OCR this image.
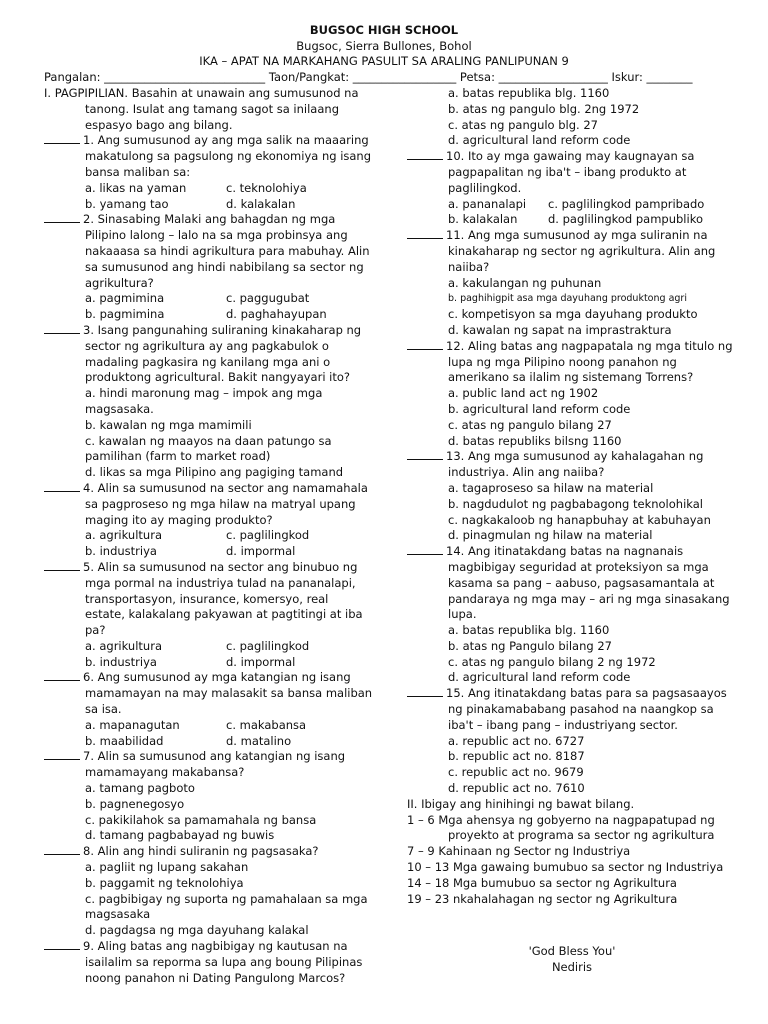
BUGSOC HIGH SCHOOL
Bugsoc, Sierra Bullones, Bohol
IKA – APAT NA MARKAHANG PASULIT SA ARALING PANLIPUNAN 9
Pangalan: ____________________________ Taon/Pangkat: __________________ Petsa: ___________________ Iskur: ________
I. PAGPIPILIAN. Basahin at unawain ang sumusunod na
tanong. Isulat ang tamang sagot sa inilaang
espasyo bago ang bilang.
1. Ang sumusunod ay ang mga salik na maaaring
makatulong sa pagsulong ng ekonomiya ng isang
bansa maliban sa:
a. likas na yaman	c. teknolohiya
b. yamang tao	d. kalakalan
2. Sinasabing Malaki ang bahagdan ng mga
Pilipino lalong – lalo na sa mga probinsya ang
nakaaasa sa hindi agrikultura para mabuhay. Alin
sa sumusunod ang hindi nabibilang sa sector ng
agrikultura?
a. pagmimina	c. paggugubat
b. pagmimina	d. paghahayupan
3. Isang pangunahing suliraning kinakaharap ng
sector ng agrikultura ay ang pagkabulok o
madaling pagkasira ng kanilang mga ani o
produktong agricultural. Bakit nangyayari ito?
a. hindi maronung mag – impok ang mga
magsasaka.
b. kawalan ng mga mamimili
c. kawalan ng maayos na daan patungo sa
pamilihan (farm to market road)
d. likas sa mga Pilipino ang pagiging tamand
4. Alin sa sumusunod na sector ang namamahala
sa pagproseso ng mga hilaw na matryal upang
maging ito ay maging produkto?
a. agrikultura	c. paglilingkod
b. industriya	d. impormal
5. Alin sa sumusunod na sector ang binubuo ng
mga pormal na industriya tulad na pananalapi,
transportasyon, insurance, komersyo, real
estate, kalakalang pakyawan at pagtitingi at iba
pa?
a. agrikultura	c. paglilingkod
b. industriya	d. impormal
6. Ang sumusunod ay mga katangian ng isang
mamamayan na may malasakit sa bansa maliban
sa isa.
a. mapanagutan	c. makabansa
b. maabilidad	d. matalino
7. Alin sa sumusunod ang katangian ng isang
mamamayang makabansa?
a. tamang pagboto
b. pagnenegosyo
c. pakikilahok sa pamamahala ng bansa
d. tamang pagbabayad ng buwis
8. Alin ang hindi suliranin ng pagsasaka?
a. pagliit ng lupang sakahan
b. paggamit ng teknolohiya
c. pagbibigay ng suporta ng pamahalaan sa mga
magsasaka
d. pagdagsa ng mga dayuhang kalakal
9. Aling batas ang nagbibigay ng kautusan na
isailalim sa reporma sa lupa ang boung Pilipinas
noong panahon ni Dating Pangulong Marcos?
a. batas republika blg. 1160
b. atas ng pangulo blg. 2ng 1972
c. atas ng pangulo blg. 27
d. agricultural land reform code
10. Ito ay mga gawaing may kaugnayan sa
pagpapalitan ng iba't – ibang produkto at
paglilingkod.
a. pananalapi	c. paglilingkod pampribado
b. kalakalan	d. paglilingkod pampubliko
11. Ang mga sumusunod ay mga suliranin na
kinakaharap ng sector ng agrikultura. Alin ang
naiiba?
a. kakulangan ng puhunan
b. paghihigpit asa mga dayuhang produktong agri
c. kompetisyon sa mga dayuhang produkto
d. kawalan ng sapat na imprastraktura
12. Aling batas ang nagpapatala ng mga titulo ng
lupa ng mga Pilipino noong panahon ng
amerikano sa ilalim ng sistemang Torrens?
a. public land act ng 1902
b. agricultural land reform code
c. atas ng pangulo bilang 27
d. batas republiks bilsng 1160
13. Ang mga sumusunod ay kahalagahan ng
industriya. Alin ang naiiba?
a. tagaproseso sa hilaw na material
b. nagdudulot ng pagbabagong teknolohikal
c. nagkakaloob ng hanapbuhay at kabuhayan
d. pinagmulan ng hilaw na material
14. Ang itinatakdang batas na nagnanais
magbibigay seguridad at proteksiyon sa mga
kasama sa pang – aabuso, pagsasamantala at
pandaraya ng mga may – ari ng mga sinasakang
lupa.
a. batas republika blg. 1160
b. atas ng Pangulo bilang 27
c. atas ng pangulo bilang 2 ng 1972
d. agricultural land reform code
15. Ang itinatakdang batas para sa pagsasaayos
ng pinakamababang pasahod na naangkop sa
iba't – ibang pang – industriyang sector.
a. republic act no. 6727
b. republic act no. 8187
c. republic act no. 9679
d. republic act no. 7610
II. Ibigay ang hinihingi ng bawat bilang.
1 – 6 Mga ahensya ng gobyerno na nagpapatupad ng
proyekto at programa sa sector ng agrikultura
7 – 9 Kahinaan ng Sector ng Industriya
10 – 13 Mga gawaing bumubuo sa sector ng Industriya
14 – 18 Mga bumubuo sa sector ng Agrikultura
19 – 23 nkahalahagan ng sector ng Agrikultura
'God Bless You'
Nediris
